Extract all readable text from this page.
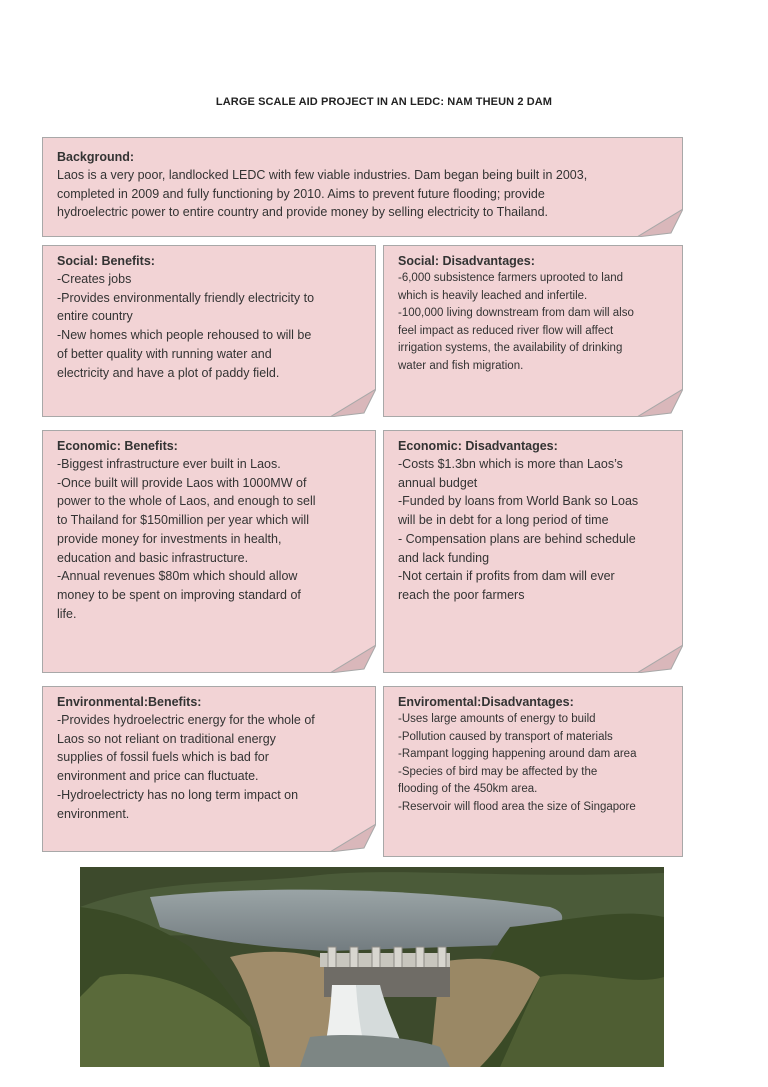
LARGE SCALE AID PROJECT IN AN LEDC: NAM THEUN 2 DAM
Background:

Laos is a very poor, landlocked LEDC with few viable industries. Dam began being built in 2003,

completed in 2009 and fully functioning by 2010. Aims to prevent future flooding; provide

hydroelectric power to entire country and provide money by selling electricity to Thailand.

Social: Benefits:

-Creates jobs

-Provides environmentally friendly electricity to

entire country

-New homes which people rehoused to will be

of better quality with running water and

electricity and have a plot of paddy field.

Social: Disadvantages:

-6,000 subsistence farmers uprooted to land

which is heavily leached and infertile.

-100,000 living downstream from dam will also

feel impact as reduced river flow will affect

irrigation systems, the availability of drinking

water and fish migration.

Economic: Benefits:

-Biggest infrastructure ever built in Laos.

-Once built will provide Laos with 1000MW of

power to the whole of Laos, and enough to sell

to Thailand for $150million per year which will

provide money for investments in health,

education and basic infrastructure.

-Annual revenues $80m which should allow

money to be spent on improving standard of

life.

Economic: Disadvantages:

-Costs $1.3bn which is more than Laos’s

annual budget

-Funded by loans from World Bank so Loas

will be in debt for a long period of time

- Compensation plans are behind schedule

and lack funding

-Not certain if profits from dam will ever

reach the poor farmers

Environmental:Benefits:

-Provides hydroelectric energy for the whole of

Laos so not reliant on traditional energy

supplies of fossil fuels which is bad for

environment and price can fluctuate.

-Hydroelectricty has no long term impact on

environment.

Enviromental:Disadvantages:

-Uses large amounts of energy to build

-Pollution caused by transport of materials

-Rampant logging happening around dam area

-Species of bird may be affected by the

flooding of the 450km area.

-Reservoir will flood area the size of Singapore
